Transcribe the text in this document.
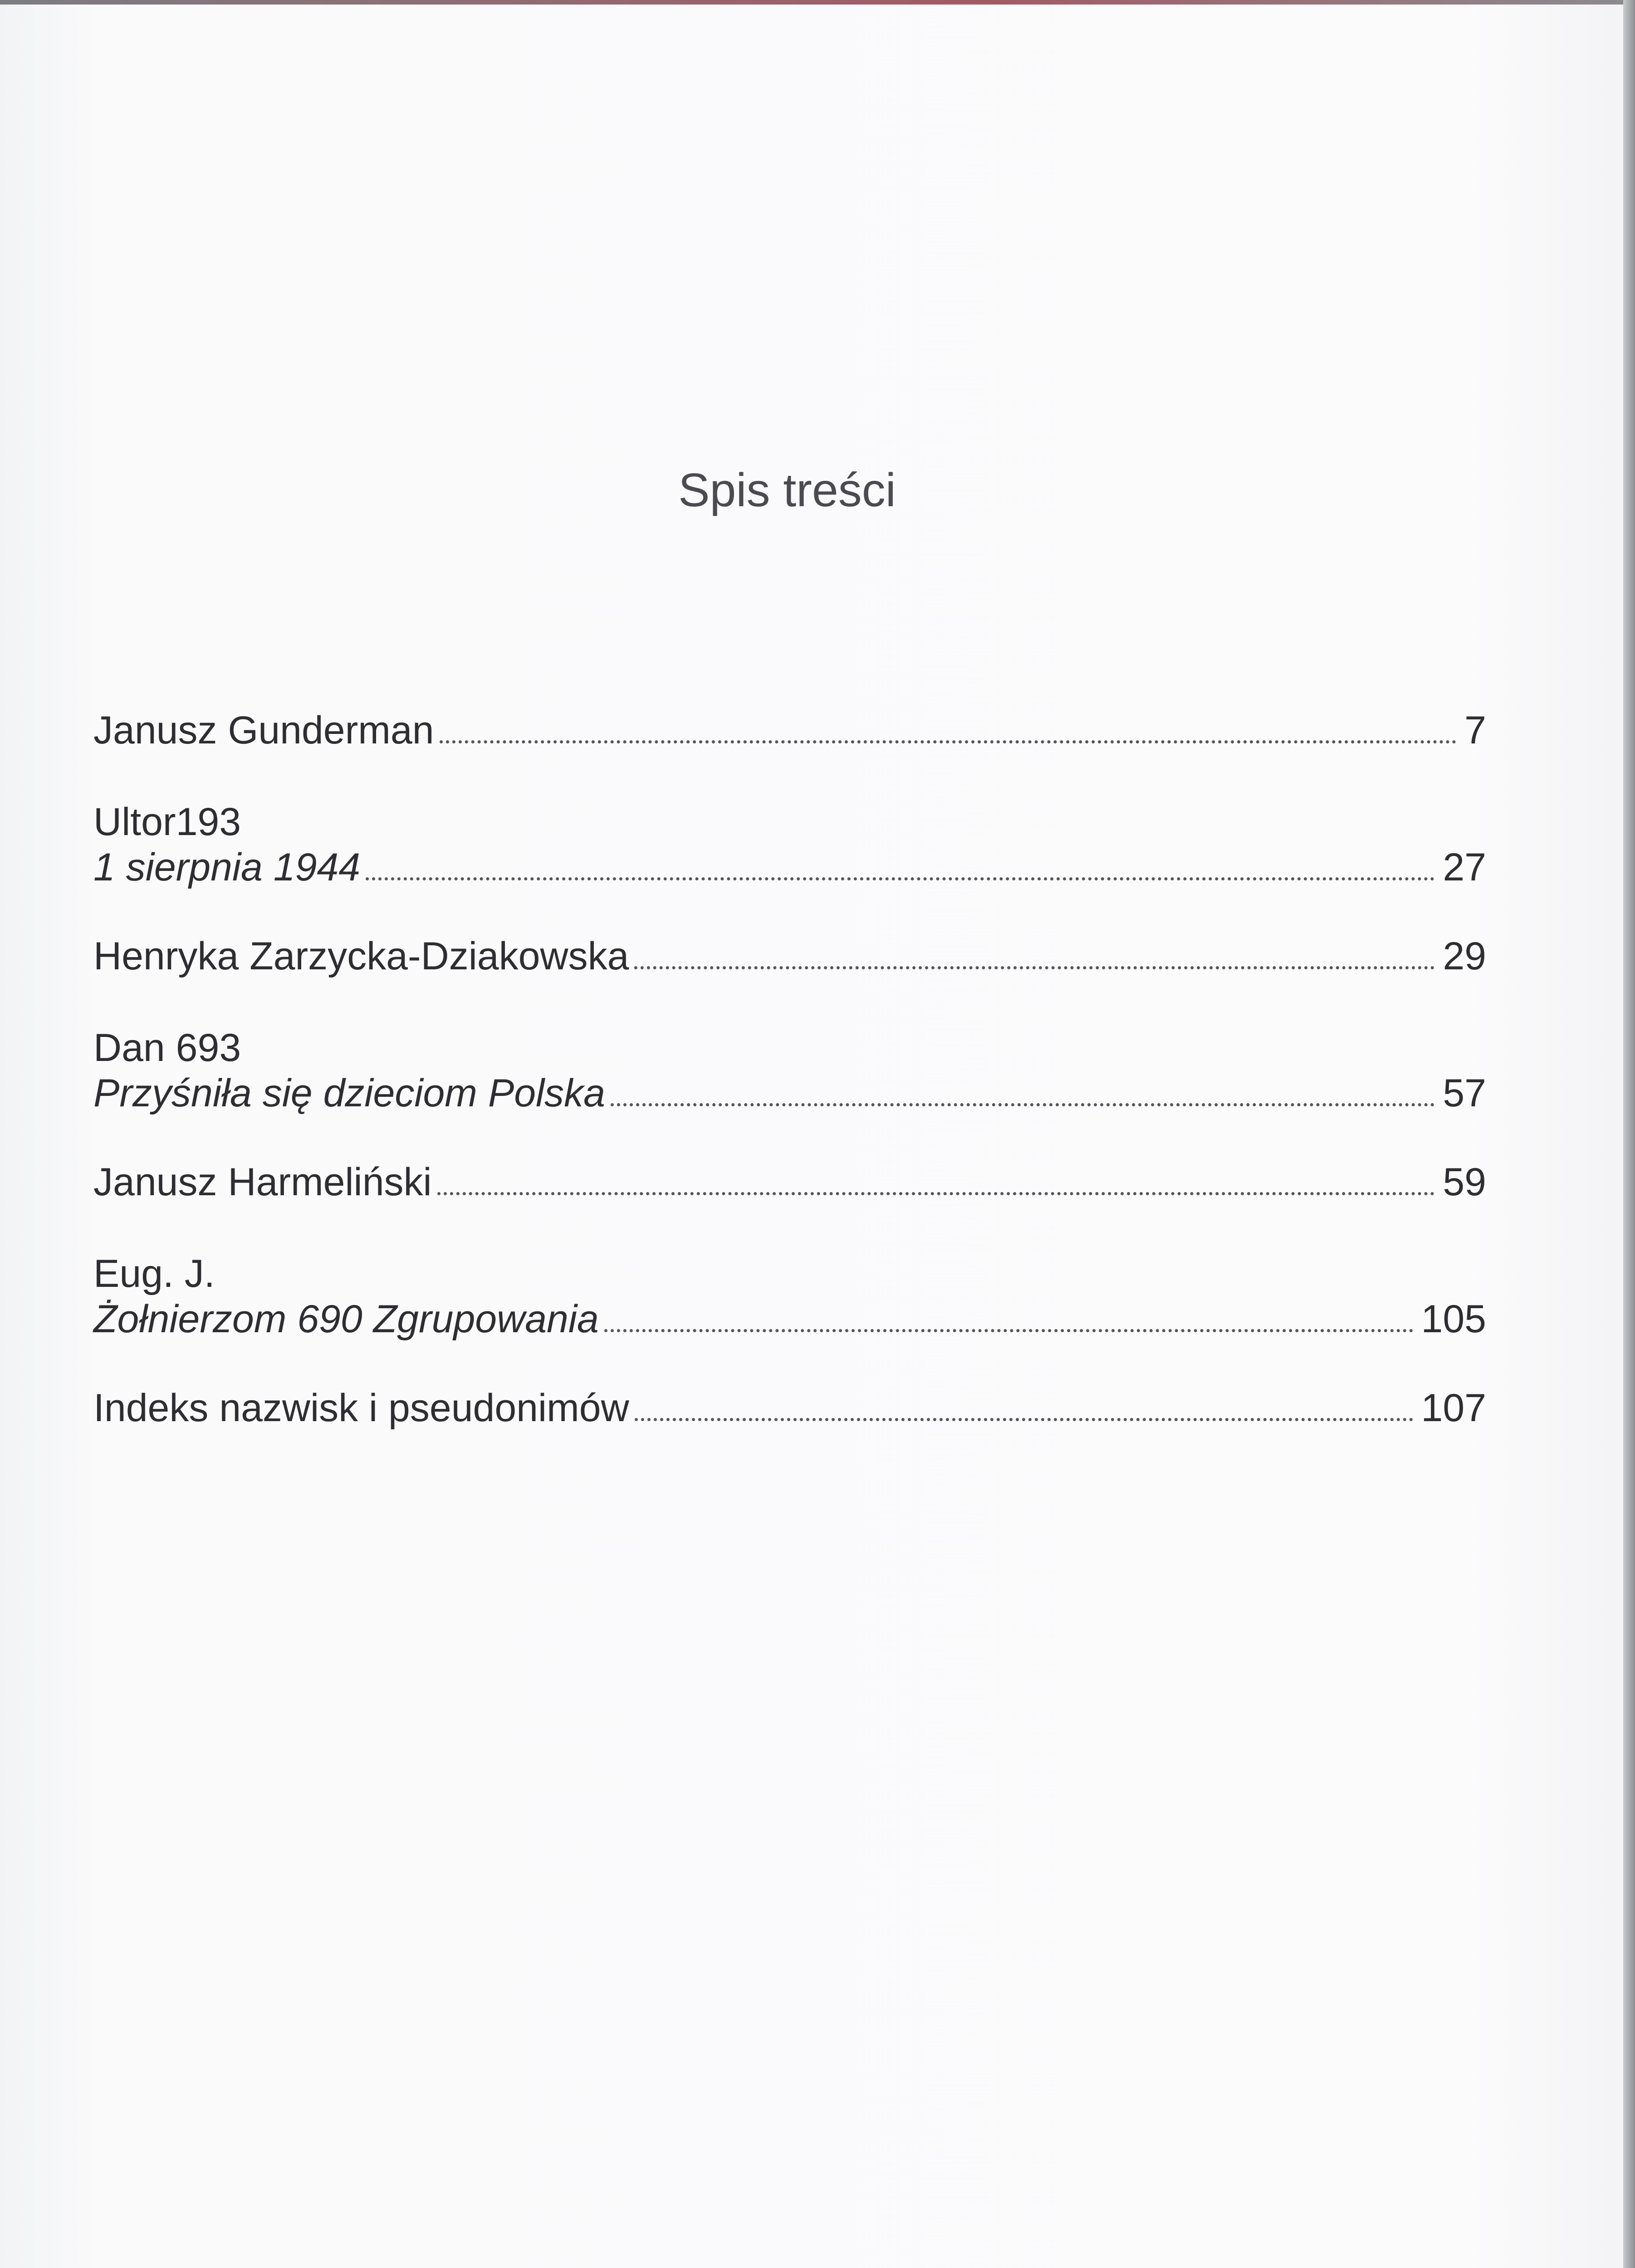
Spis treści
Janusz Gunderman	7
Ultor193
1 sierpnia 1944	27
Henryka Zarzycka-Dziakowska	29
Dan 693
Przyśniła się dzieciom Polska	57
Janusz Harmeliński	59
Eug. J.
Żołnierzom 690 Zgrupowania	105
Indeks nazwisk i pseudonimów	107
